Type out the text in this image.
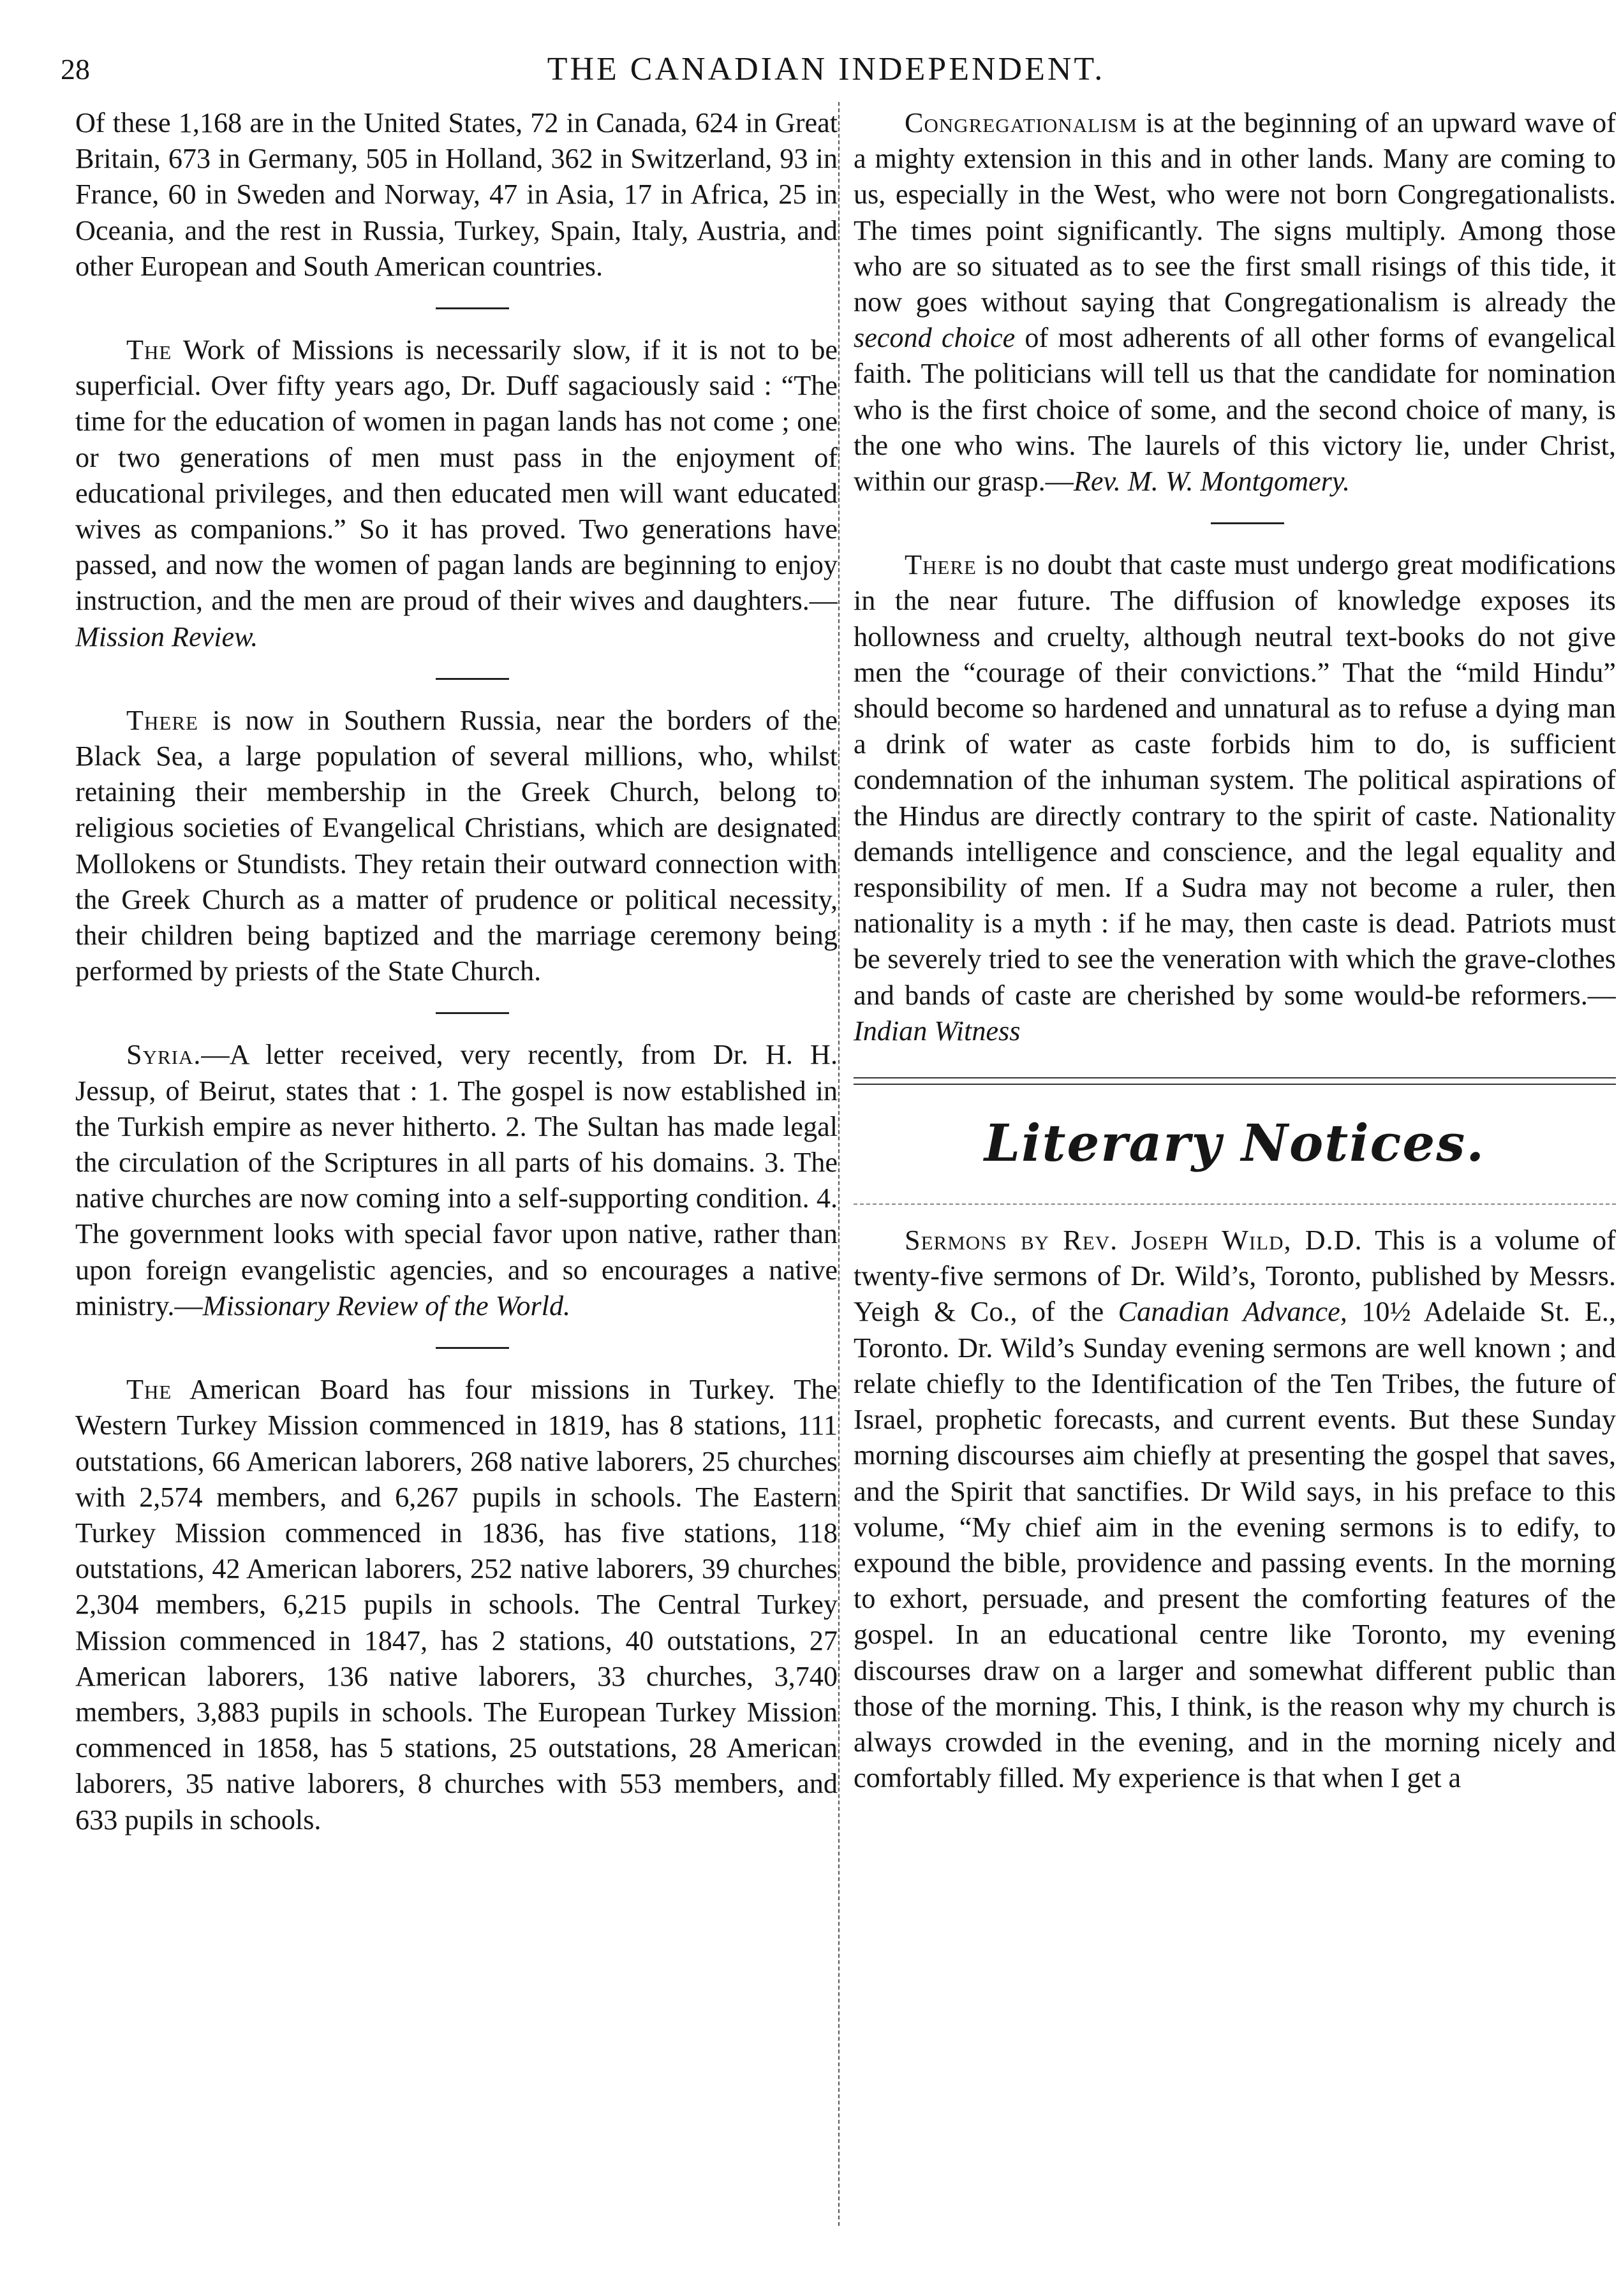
28	THE CANADIAN INDEPENDENT.

Of these 1,168 are in the United States, 72 in Canada, 624 in Great Britain, 673 in Germany, 505 in Holland, 362 in Switzerland, 93 in France, 60 in Sweden and Norway, 47 in Asia, 17 in Africa, 25 in Oceania, and the rest in Russia, Turkey, Spain, Italy, Austria, and other European and South American countries.

The Work of Missions is necessarily slow, if it is not to be superficial. Over fifty years ago, Dr. Duff sagaciously said : “The time for the education of women in pagan lands has not come ; one or two generations of men must pass in the enjoyment of educational privileges, and then educated men will want educated wives as companions.” So it has proved. Two generations have passed, and now the women of pagan lands are beginning to enjoy instruction, and the men are proud of their wives and daughters.—Mission Review.

There is now in Southern Russia, near the borders of the Black Sea, a large population of several millions, who, whilst retaining their membership in the Greek Church, belong to religious societies of Evangelical Christians, which are designated Mollokens or Stundists. They retain their outward connection with the Greek Church as a matter of prudence or political necessity, their children being baptized and the marriage ceremony being performed by priests of the State Church.

Syria.—A letter received, very recently, from Dr. H. H. Jessup, of Beirut, states that : 1. The gospel is now established in the Turkish empire as never hitherto. 2. The Sultan has made legal the circulation of the Scriptures in all parts of his domains. 3. The native churches are now coming into a self-supporting condition. 4. The government looks with special favor upon native, rather than upon foreign evangelistic agencies, and so encourages a native ministry.—Missionary Review of the World.

The American Board has four missions in Turkey. The Western Turkey Mission commenced in 1819, has 8 stations, 111 outstations, 66 American laborers, 268 native laborers, 25 churches with 2,574 members, and 6,267 pupils in schools. The Eastern Turkey Mission commenced in 1836, has five stations, 118 outstations, 42 American laborers, 252 native laborers, 39 churches 2,304 members, 6,215 pupils in schools. The Central Turkey Mission commenced in 1847, has 2 stations, 40 outstations, 27 American laborers, 136 native laborers, 33 churches, 3,740 members, 3,883 pupils in schools. The European Turkey Mission commenced in 1858, has 5 stations, 25 outstations, 28 American laborers, 35 native laborers, 8 churches with 553 members, and 633 pupils in schools.

Congregationalism is at the beginning of an upward wave of a mighty extension in this and in other lands. Many are coming to us, especially in the West, who were not born Congregationalists. The times point significantly. The signs multiply. Among those who are so situated as to see the first small risings of this tide, it now goes without saying that Congregationalism is already the second choice of most adherents of all other forms of evangelical faith. The politicians will tell us that the candidate for nomination who is the first choice of some, and the second choice of many, is the one who wins. The laurels of this victory lie, under Christ, within our grasp.—Rev. M. W. Montgomery.

There is no doubt that caste must undergo great modifications in the near future. The diffusion of knowledge exposes its hollowness and cruelty, although neutral text-books do not give men the “courage of their convictions.” That the “mild Hindu” should become so hardened and unnatural as to refuse a dying man a drink of water as caste forbids him to do, is sufficient condemnation of the inhuman system. The political aspirations of the Hindus are directly contrary to the spirit of caste. Nationality demands intelligence and conscience, and the legal equality and responsibility of men. If a Sudra may not become a ruler, then nationality is a myth : if he may, then caste is dead. Patriots must be severely tried to see the veneration with which the grave-clothes and bands of caste are cherished by some would-be reformers.—Indian Witness

Literary Notices.

Sermons by Rev. Joseph Wild, D.D. This is a volume of twenty-five sermons of Dr. Wild’s, Toronto, published by Messrs. Yeigh & Co., of the Canadian Advance, 10½ Adelaide St. E., Toronto. Dr. Wild’s Sunday evening sermons are well known ; and relate chiefly to the Identification of the Ten Tribes, the future of Israel, prophetic forecasts, and current events. But these Sunday morning discourses aim chiefly at presenting the gospel that saves, and the Spirit that sanctifies. Dr Wild says, in his preface to this volume, “My chief aim in the evening sermons is to edify, to expound the bible, providence and passing events. In the morning to exhort, persuade, and present the comforting features of the gospel. In an educational centre like Toronto, my evening discourses draw on a larger and somewhat different public than those of the morning. This, I think, is the reason why my church is always crowded in the evening, and in the morning nicely and comfortably filled. My experience is that when I get a
